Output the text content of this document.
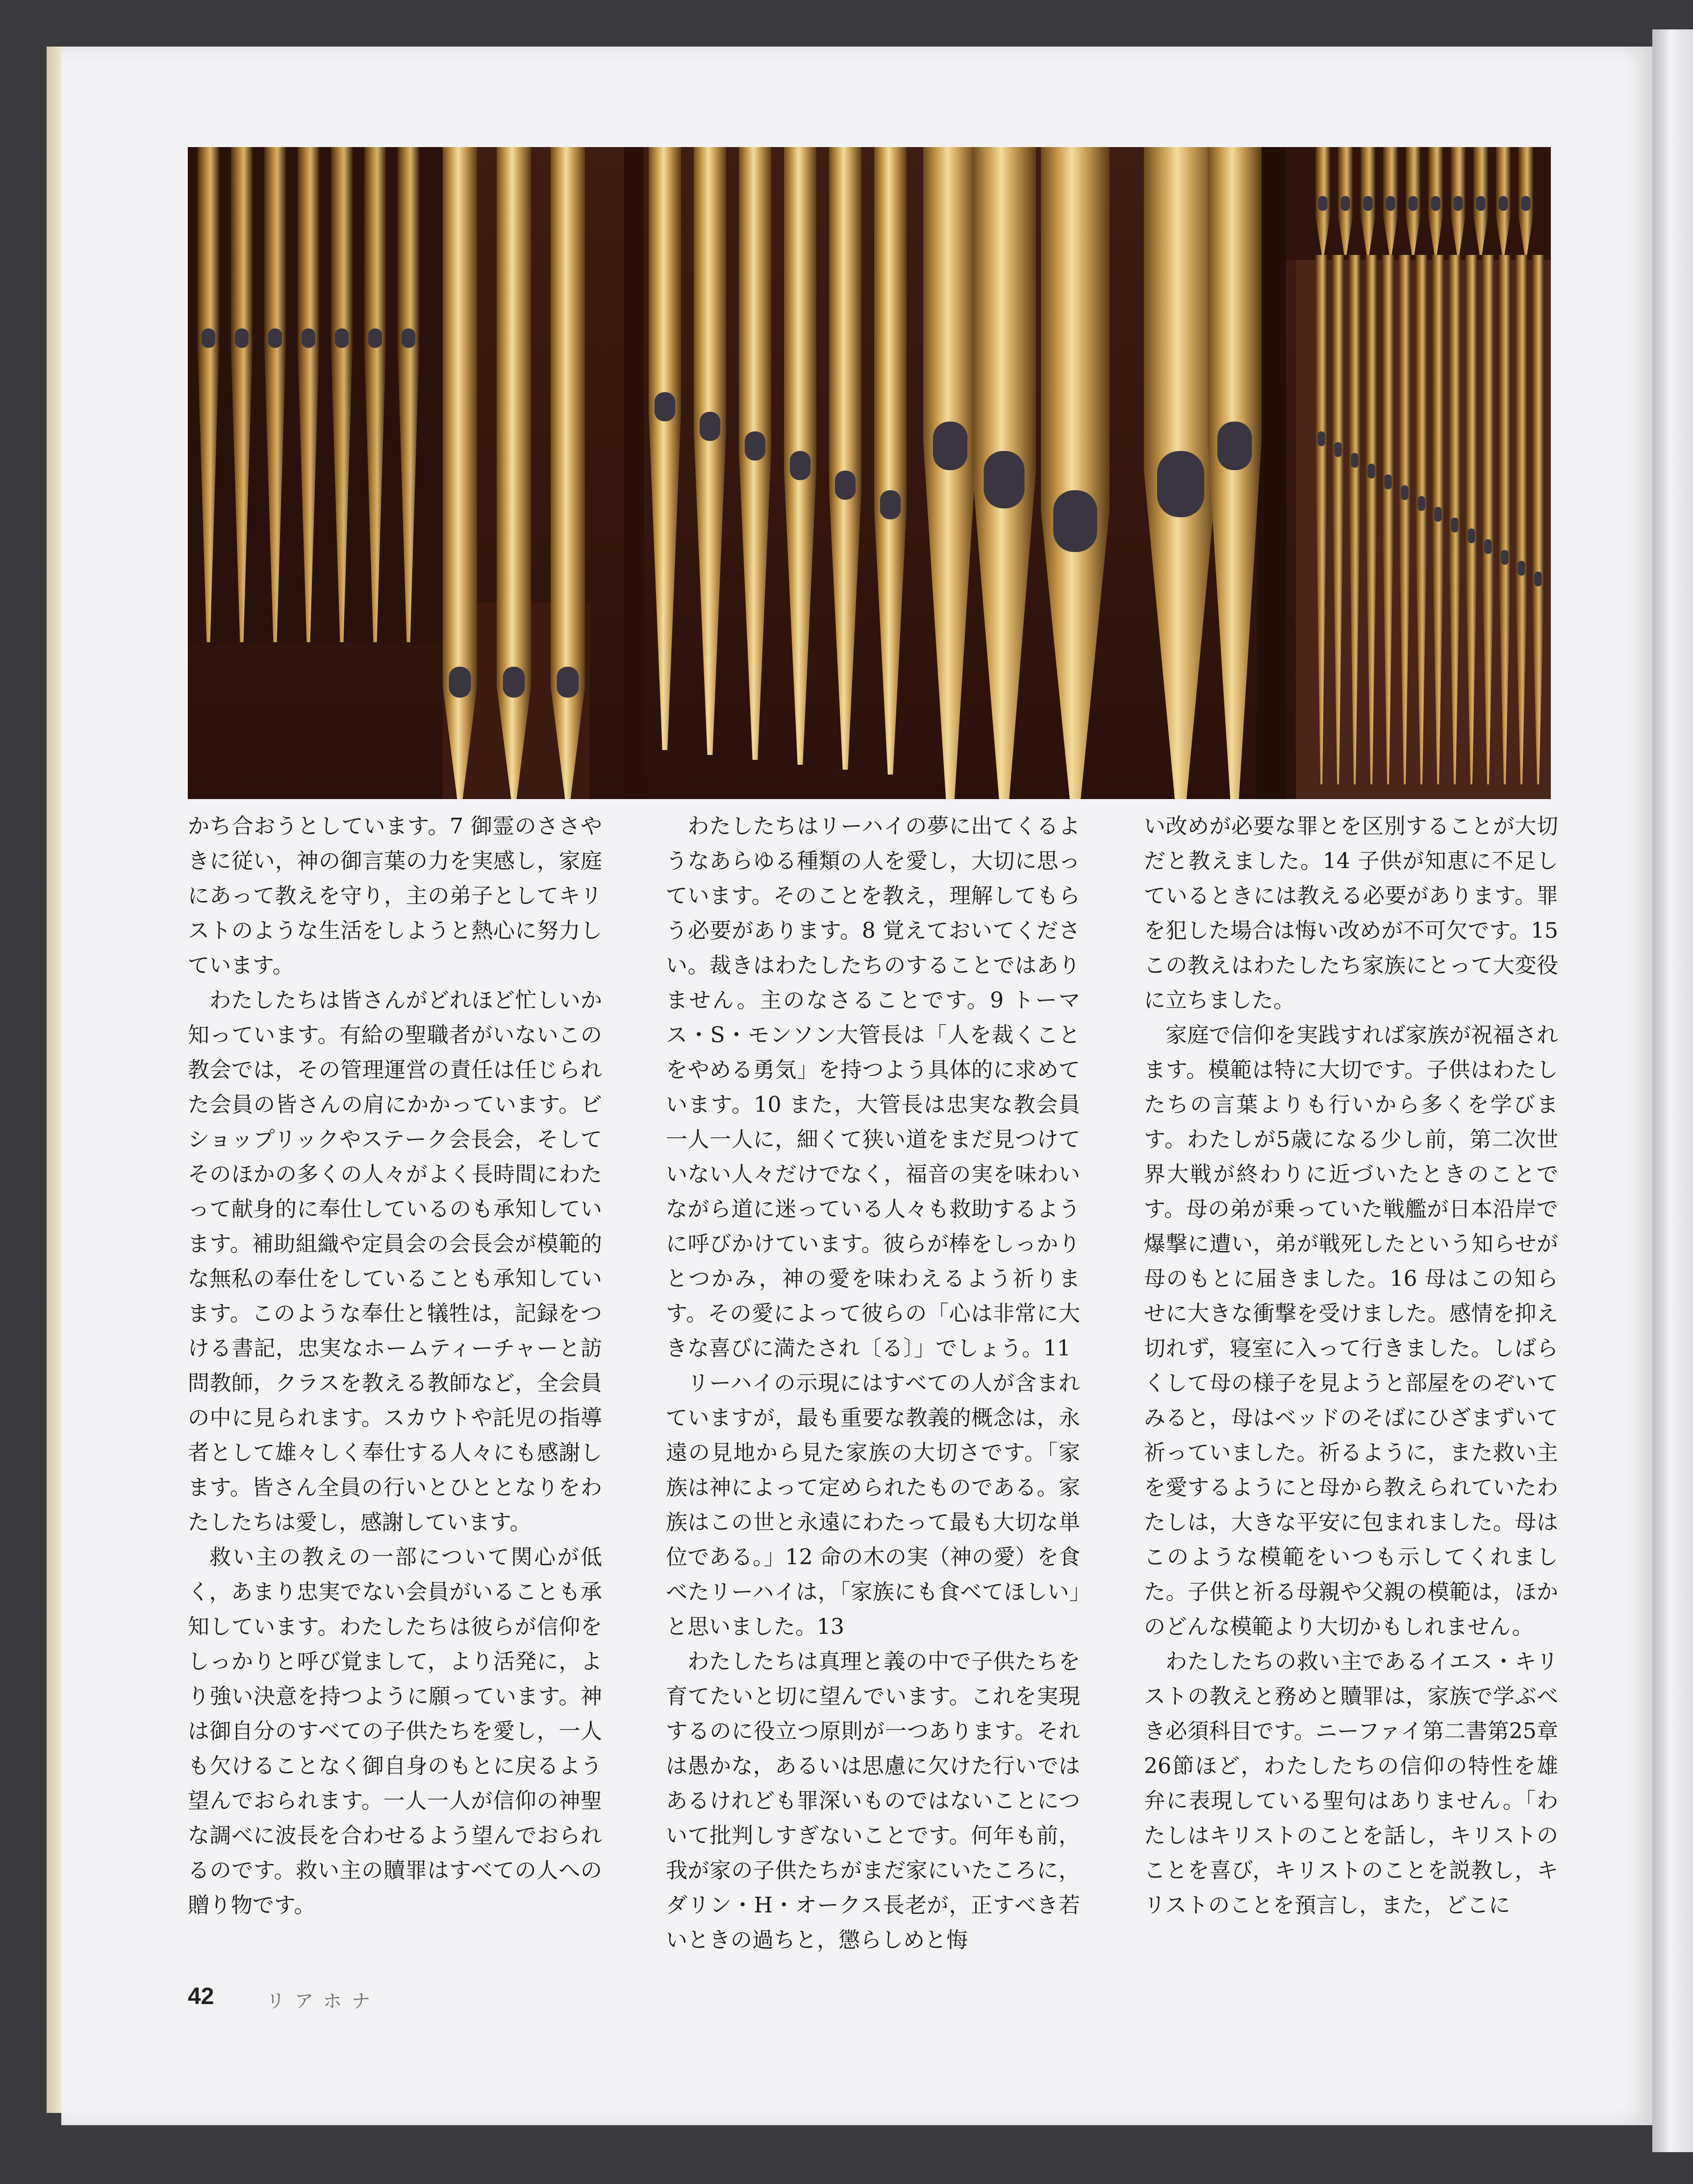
かち合おうとしています。7 御霊のささやきに従い，神の御言葉の力を実感し，家庭にあって教えを守り，主の弟子としてキリストのような生活をしようと熱心に努力しています。

わたしたちは皆さんがどれほど忙しいか知っています。有給の聖職者がいないこの教会では，その管理運営の責任は任じられた会員の皆さんの肩にかかっています。ビショップリックやステーク会長会，そしてそのほかの多くの人々がよく長時間にわたって献身的に奉仕しているのも承知しています。補助組織や定員会の会長会が模範的な無私の奉仕をしていることも承知しています。このような奉仕と犠牲は，記録をつける書記，忠実なホームティーチャーと訪問教師，クラスを教える教師など，全会員の中に見られます。スカウトや託児の指導者として雄々しく奉仕する人々にも感謝します。皆さん全員の行いとひととなりをわたしたちは愛し，感謝しています。

救い主の教えの一部について関心が低く，あまり忠実でない会員がいることも承知しています。わたしたちは彼らが信仰をしっかりと呼び覚まして，より活発に，より強い決意を持つように願っています。神は御自分のすべての子供たちを愛し，一人も欠けることなく御自身のもとに戻るよう望んでおられます。一人一人が信仰の神聖な調べに波長を合わせるよう望んでおられるのです。救い主の贖罪はすべての人への贈り物です。

わたしたちはリーハイの夢に出てくるようなあらゆる種類の人を愛し，大切に思っています。そのことを教え，理解してもらう必要があります。8 覚えておいてください。裁きはわたしたちのすることではありません。主のなさることです。9 トーマス・S・モンソン大管長は「人を裁くことをやめる勇気」を持つよう具体的に求めています。10 また，大管長は忠実な教会員一人一人に，細くて狭い道をまだ見つけていない人々だけでなく，福音の実を味わいながら道に迷っている人々も救助するように呼びかけています。彼らが棒をしっかりとつかみ，神の愛を味わえるよう祈ります。その愛によって彼らの「心は非常に大きな喜びに満たされ〔る〕」でしょう。11

リーハイの示現にはすべての人が含まれていますが，最も重要な教義的概念は，永遠の見地から見た家族の大切さです。「家族は神によって定められたものである。家族はこの世と永遠にわたって最も大切な単位である。」12 命の木の実（神の愛）を食べたリーハイは，「家族にも食べてほしい」と思いました。13

わたしたちは真理と義の中で子供たちを育てたいと切に望んでいます。これを実現するのに役立つ原則が一つあります。それは愚かな，あるいは思慮に欠けた行いではあるけれども罪深いものではないことについて批判しすぎないことです。何年も前，我が家の子供たちがまだ家にいたころに，ダリン・H・オークス長老が，正すべき若いときの過ちと，懲らしめと悔

い改めが必要な罪とを区別することが大切だと教えました。14 子供が知恵に不足しているときには教える必要があります。罪を犯した場合は悔い改めが不可欠です。15 この教えはわたしたち家族にとって大変役に立ちました。

家庭で信仰を実践すれば家族が祝福されます。模範は特に大切です。子供はわたしたちの言葉よりも行いから多くを学びます。わたしが5歳になる少し前，第二次世界大戦が終わりに近づいたときのことです。母の弟が乗っていた戦艦が日本沿岸で爆撃に遭い，弟が戦死したという知らせが母のもとに届きました。16 母はこの知らせに大きな衝撃を受けました。感情を抑え切れず，寝室に入って行きました。しばらくして母の様子を見ようと部屋をのぞいてみると，母はベッドのそばにひざまずいて祈っていました。祈るように，また救い主を愛するようにと母から教えられていたわたしは，大きな平安に包まれました。母はこのような模範をいつも示してくれました。子供と祈る母親や父親の模範は，ほかのどんな模範より大切かもしれません。

わたしたちの救い主であるイエス・キリストの教えと務めと贖罪は，家族で学ぶべき必須科目です。ニーファイ第二書第25章26節ほど，わたしたちの信仰の特性を雄弁に表現している聖句はありません。「わたしはキリストのことを話し，キリストのことを喜び，キリストのことを説教し，キリストのことを預言し，また，どこに

42	リアホナ
